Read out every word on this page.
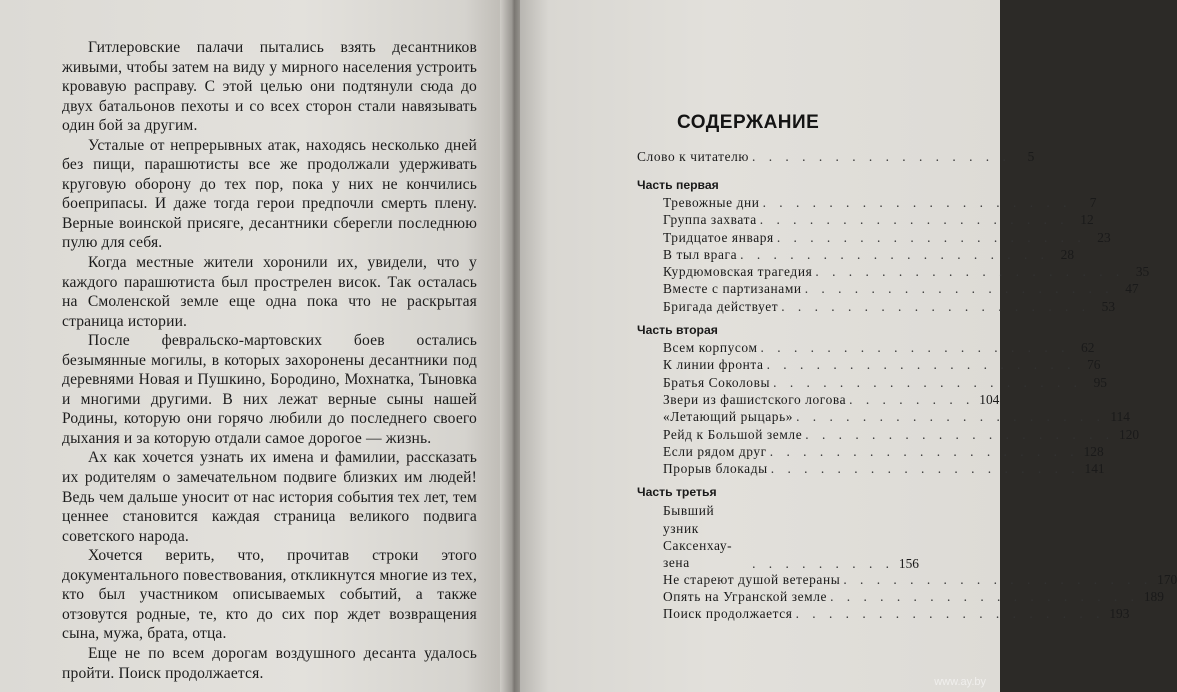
Гитлеровские палачи пытались взять десантников живыми, чтобы затем на виду у мирного населения устроить кровавую расправу. С этой целью они подтянули сюда до двух батальонов пехоты и со всех сторон стали навязывать один бой за другим.

Усталые от непрерывных атак, находясь несколько дней без пищи, парашютисты все же продолжали удерживать круговую оборону до тех пор, пока у них не кончились боеприпасы. И даже тогда герои предпочли смерть плену. Верные воинской присяге, десантники сберегли последнюю пулю для себя.

Когда местные жители хоронили их, увидели, что у каждого парашютиста был прострелен висок. Так осталась на Смоленской земле еще одна пока что не раскрытая страница истории.

После февральско-мартовских боев остались безымянные могилы, в которых захоронены десантники под деревнями Новая и Пушкино, Бородино, Мохнатка, Тыновка и многими другими. В них лежат верные сыны нашей Родины, которую они горячо любили до последнего своего дыхания и за которую отдали самое дорогое — жизнь.

Ах как хочется узнать их имена и фамилии, рассказать их родителям о замечательном подвиге близких им людей! Ведь чем дальше уносит от нас история события тех лет, тем ценнее становится каждая страница великого подвига советского народа.

Хочется верить, что, прочитав строки этого документального повествования, откликнутся многие из тех, кто был участником описываемых событий, а также отзовутся родные, те, кто до сих пор ждет возвращения сына, мужа, брата, отца.

Еще не по всем дорогам воздушного десанта удалось пройти. Поиск продолжается.

СОДЕРЖАНИЕ
Слово к читателю . . . . . . . . . . . . . . . .	5
Часть первая
Тревожные дни . . . . . . . . . . . . . . . . . . .	7
Группа захвата . . . . . . . . . . . . . . . . . . . 12
Тридцатое января . . . . . . . . . . . . . . . . . . . 23
В тыл врага . . . . . . . . . . . . . . . . . . . 28
Курдюмовская трагедия . . . . . . . . . . . . . . . . . . . 35
Вместе с партизанами . . . . . . . . . . . . . . . . . . . 47
Бригада действует . . . . . . . . . . . . . . . . . . . 53
Часть вторая
Всем корпусом . . . . . . . . . . . . . . . . . . . 62
К линии фронта . . . . . . . . . . . . . . . . . . . 76
Братья Соколовы . . . . . . . . . . . . . . . . . . . 95
Звери из фашистского логова . . . . . . . . 104
«Летающий рыцарь» . . . . . . . . . . . . . . . . . . . 114
Рейд к Большой земле . . . . . . . . . . . . . . . . . . . 120
Если рядом друг . . . . . . . . . . . . . . . . . . . 128
Прорыв блокады . . . . . . . . . . . . . . . . . . . 141
Часть третья
Бывший узник Саксенхау-зена	. . . . . . . . . 156
Не стареют душой ветераны . . . . . . . . . . . . . . . . . . . 170
Опять на Угранской земле . . . . . . . . . . . . . . . . . . . 189
Поиск продолжается . . . . . . . . . . . . . . . . . . . 193
www.ay.by
